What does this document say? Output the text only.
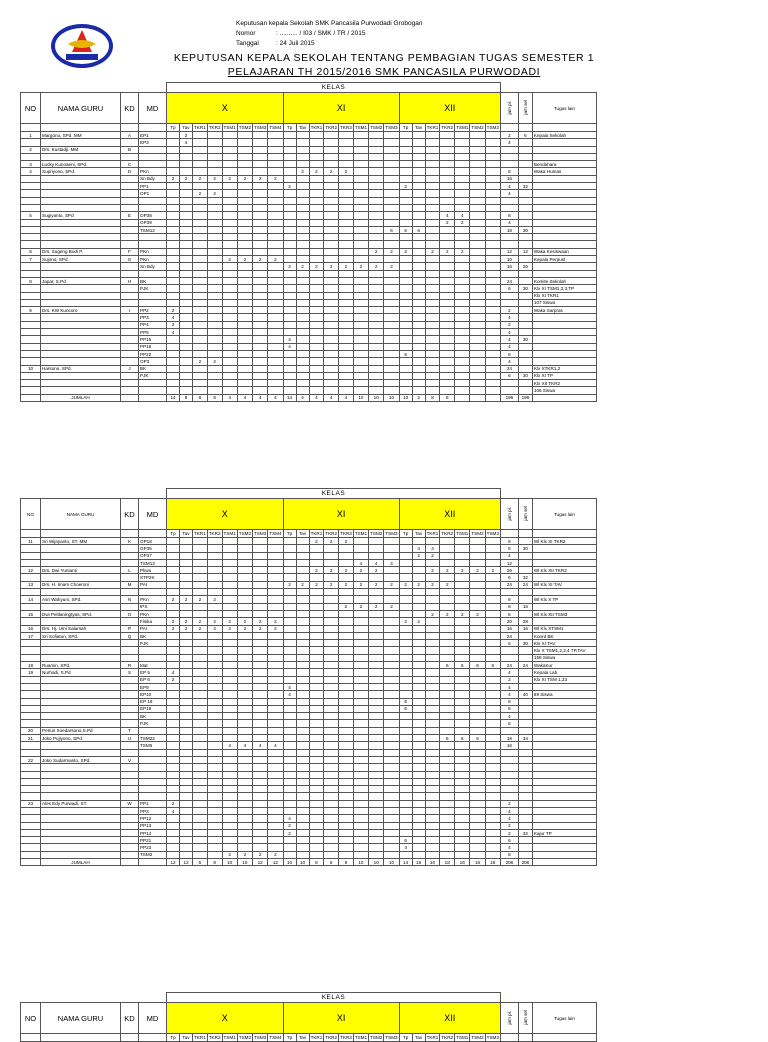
Keputusan kepala Sekolah SMK Pancasila Purwodadi Grobogan
Nomor	: .......... / I03 / SMK / TR / 2015
Tanggal	: 24 Juli 2015
KEPUTUSAN KEPALA SEKOLAH TENTANG PEMBAGIAN TUGAS SEMESTER 1
PELAJARAN TH 2015/2016 SMK PANCASILA PURWODADI
				KELAS																									
NO	NAMA GURU	KD	MD	X								XI								XII							jam pl.	jam sel	Tugas lain
				Tp	Tav	TKR1	TKR2	TSM1	TSM2	TSM3	TSM4	Tp	Tav	TKR1	TKR2	TKR3	TSM1	TSM2	TSM3	Tp	Tav	TKR1	TKR2	TSM1	TSM2	TSM3			
1	Margono, SPd. MM	A	EP1		2																						2	6	Kepala Sekolah
			EP3		4																						4		
2	Drs. Kustadji. MM	B																											

3	Lucky Kunnaeni, SPd.	C																											Bendahara
4	Supriyono, SPd.	D	PKn										2	2	2	2											8		Waka Humas
			Sn Bdy	2	2	2	2	2	2	2	2																16		
			PP1									2								2							4	32	
			OP1			2	2																				4		

5	Sugiyanto, SPd	E	OP38																				4	4			8		
			OP39																				2	2			4		
			TSM12																6	6	6						18	30	

6	Drs. Sugeng Budi P.	F	PKn															2	2	2		2	2	2			12	12	Waka Kesiswaan
7	Sujono, SPd.	G	PKn					2	2	2	2																10		Kepala Perpust
			Sn Bdy									2	2	2	2	2	2	2	2								16	26	

8	Japar, S.Pd	H	BK																								24		Komite Sekolah
			PJK																								6	30	Klx XI TSM1,2,3,TP
																													Klx XI TKR1
																													107 Siswa
9	Drs. KW Kuncoro	I	PP2	2																							2		Waka Sarpras
			PP3	4																							4		
			PP4	2																							2		
			PP5	4																							4		
			PP15									4															4	30	
			PP18									4															4		
			PP22																	6							6		
			OP3			2	2																				4		
10	Harsono, SPd.	J	BK																								24		Klx XTKR1,2
			PJK																								6	30	Klx XI TP
																													Klx XII TKR2
																													106 Siswa
	JUMLAH			14	8	6	6	4	4	4	4	14	4	4	4	4	10	10	10	10	2	8	6				196	196	
				KELAS																									
NO	NAMA GURU	KD	MD	X								XI								XII							jam pl.	jam sel	Tugas lain
				Tp	Tav	TKR1	TKR2	TSM1	TSM2	TSM3	TSM4	Tp	Tav	TKR1	TKR2	TKR3	TSM1	TSM2	TSM3	Tp	Tav	TKR1	TKR2	TSM1	TSM2	TSM3			
11	Sri Wijayanto, ST. MM	K	OP18											2	2	2											6		Wl Klx XI TKR2
			OP35																		4	4					8	30	
			OP37																		2	2					4		
			TSM13														4	4	4								12		
12	Drs. Dwi Yunianti	L	Pkwu											2	2	2	2	2				2	2	2	2	2	26		Wl Klx XII TKR2
			STP2K																								6	32	
13	Drs. H. Imam Choeroni	M	PAI									2	2	2	2	2	2	2	2	2	2	2	2				24	24	Wl Klx XI TAV

14	Asri Wahyuni, SPd.	N	PKn	2	2	2	2																				8		Wl Klx X TP
			IPS													2	2	2	2								8	16	
15	Dwi Pelitaningtyas, SPd.	O	PKn																			2	2	2	2		8		Wl Klx XII TSM3
			Fisika	2	2	2	2	2	2	2	2									2	2						20	28	
16	Drs. Hj. Umi Salamah	P	PAI	2	2	2	2	2	2	2	2																16	16	Wl Klx XTSM1
17	Sri Sofiatun, SPd.	Q	BK																								24		Koord BK
			PJK																								6	30	Klx XI TAV
																													Klx X TSM1,2,3,4 TP,TAV
																													159 Siswa
18	Ruamin, SPd.	R	Mat																				6	6	6	6	24	24	WakaKur
19	Nurhadi, S.Pd	S	EP 5	4																							4		Kepala Lab
			EP 6	2																							2		Klx XI TSM 1,23
			EP9									4															4		
			EP10									4															4	40	89 Siswa
			EP 18																	6							6		
			EP19																	6							6		
			BK																								4		
			PJK																								6		
20	Petrus Soedarsono,S.Pd	T																											
21	Joko Pujiyono, SPd.	U	TSM22																				6	6	6		18	34	
			TSM5					4	4	4	4																16		

22	Joko Sudarmanto, SPd.	V																											

23	Ales Edy Purwadi, ST.	W	PP1	2																							2		
			PP3	4																							4		
			PP12									4															4		
			PP13									2															2		
			PP14									2															2	32	Kajur TP
			PP21																	6							6		
			PP23																	4							4		
			TSM2					2	2	2	2																8		
	JUMLAH			12	12	6	8	10	10	12	12	10	10	8	6	8	10	10	10	14	16	10	18	16	16	16	206	206	
				KELAS																									
NO	NAMA GURU	KD	MD	X								XI								XII							jam pl.	jam sel	Tugas lain
				Tp	Tav	TKR1	TKR2	TSM1	TSM2	TSM3	TSM4	Tp	Tav	TKR1	TKR2	TKR3	TSM1	TSM2	TSM3	Tp	Tav	TKR1	TKR2	TSM1	TSM2	TSM3			
